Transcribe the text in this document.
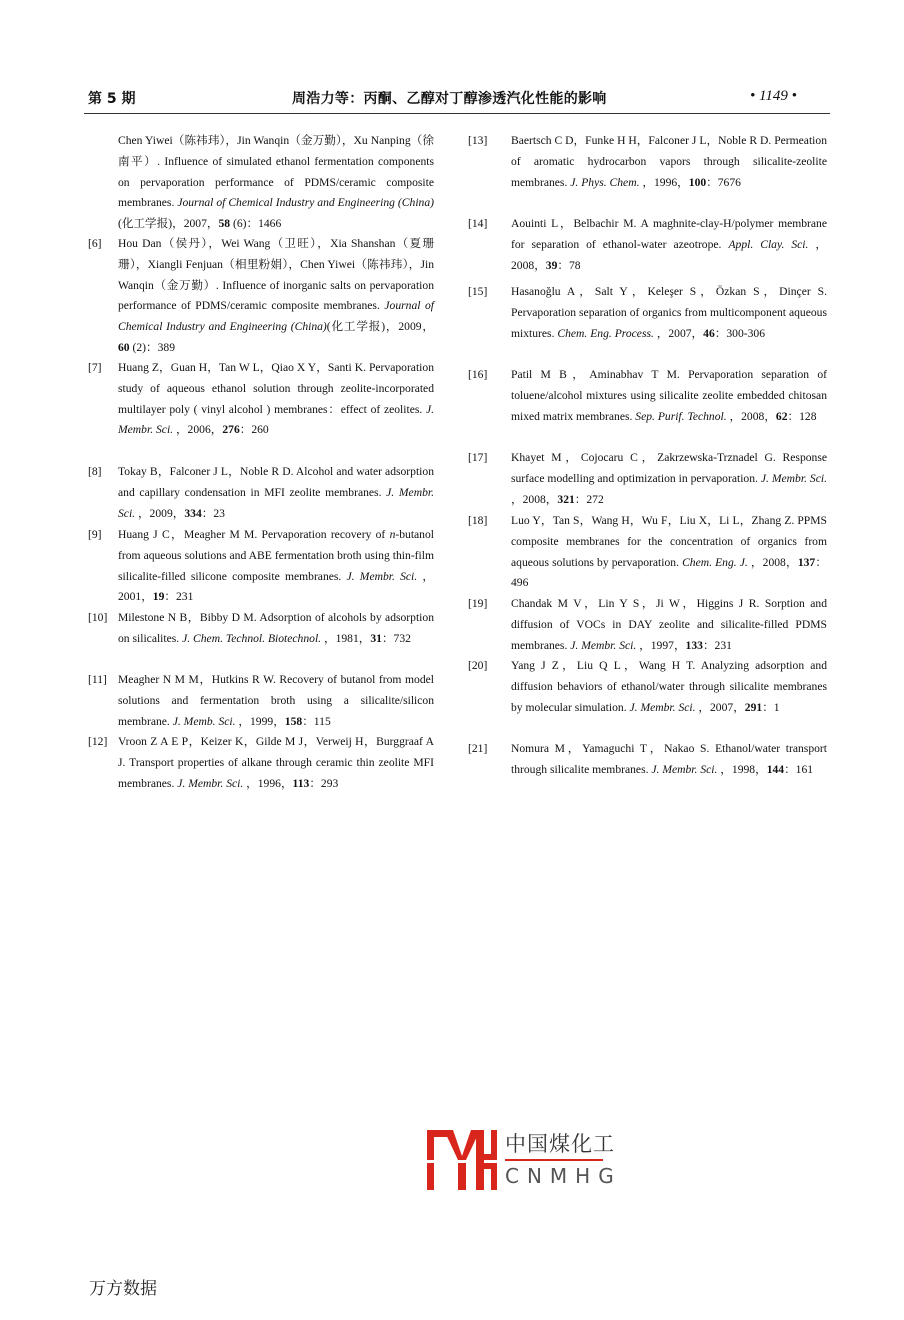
第 5 期	周浩力等：丙酮、乙醇对丁醇渗透汽化性能的影响	• 1149 •
Chen Yiwei（陈祎玮），Jin Wanqin（金万勤），Xu Nanping（徐南平）. Influence of simulated ethanol fermentation components on pervaporation performance of PDMS/ceramic composite membranes. Journal of Chemical Industry and Engineering (China)(化工学报)，2007，58 (6)：1466
[6] Hou Dan（侯丹），Wei Wang（卫旺），Xia Shanshan（夏珊珊），Xiangli Fenjuan（相里粉娟），Chen Yiwei（陈祎玮），Jin Wanqin（金万勤）. Influence of inorganic salts on pervaporation performance of PDMS/ceramic composite membranes. Journal of Chemical Industry and Engineering (China)(化工学报)，2009，60 (2)：389
[7] Huang Z，Guan H，Tan W L，Qiao X Y，Santi K. Pervaporation study of aqueous ethanol solution through zeolite-incorporated multilayer poly ( vinyl alcohol ) membranes：effect of zeolites. J. Membr. Sci. ，2006，276：260
[8] Tokay B，Falconer J L，Noble R D. Alcohol and water adsorption and capillary condensation in MFI zeolite membranes. J. Membr. Sci. ，2009，334：23
[9] Huang J C，Meagher M M. Pervaporation recovery of n-butanol from aqueous solutions and ABE fermentation broth using thin-film silicalite-filled silicone composite membranes. J. Membr. Sci. ，2001，19：231
[10] Milestone N B，Bibby D M. Adsorption of alcohols by adsorption on silicalites. J. Chem. Technol. Biotechnol. ，1981，31：732
[11] Meagher N M M，Hutkins R W. Recovery of butanol from model solutions and fermentation broth using a silicalite/silicon membrane. J. Memb. Sci. ，1999，158：115
[12] Vroon Z A E P，Keizer K，Gilde M J，Verweij H，Burggraaf A J. Transport properties of alkane through ceramic thin zeolite MFI membranes. J. Membr. Sci. ，1996，113：293
[13] Baertsch C D，Funke H H，Falconer J L，Noble R D. Permeation of aromatic hydrocarbon vapors through silicalite-zeolite membranes. J. Phys. Chem. ，1996，100：7676
[14] Aouinti L，Belbachir M. A maghnite-clay-H/polymer membrane for separation of ethanol-water azeotrope. Appl. Clay. Sci. ，2008，39：78
[15] Hasanoğlu A，Salt Y，Keleşer S，Özkan S，Dinçer S. Pervaporation separation of organics from multicomponent aqueous mixtures. Chem. Eng. Process. ，2007，46：300-306
[16] Patil M B，Aminabhav T M. Pervaporation separation of toluene/alcohol mixtures using silicalite zeolite embedded chitosan mixed matrix membranes. Sep. Purif. Technol. ，2008，62：128
[17] Khayet M，Cojocaru C，Zakrzewska-Trznadel G. Response surface modelling and optimization in pervaporation. J. Membr. Sci. ，2008，321：272
[18] Luo Y，Tan S，Wang H，Wu F，Liu X，Li L，Zhang Z. PPMS composite membranes for the concentration of organics from aqueous solutions by pervaporation. Chem. Eng. J. ，2008，137：496
[19] Chandak M V，Lin Y S，Ji W，Higgins J R. Sorption and diffusion of VOCs in DAY zeolite and silicalite-filled PDMS membranes. J. Membr. Sci. ，1997，133：231
[20] Yang J Z，Liu Q L，Wang H T. Analyzing adsorption and diffusion behaviors of ethanol/water through silicalite membranes by molecular simulation. J. Membr. Sci. ，2007，291：1
[21] Nomura M，Yamaguchi T，Nakao S. Ethanol/water transport through silicalite membranes. J. Membr. Sci. ，1998，144：161
中国煤化工
CNMHG
万方数据
